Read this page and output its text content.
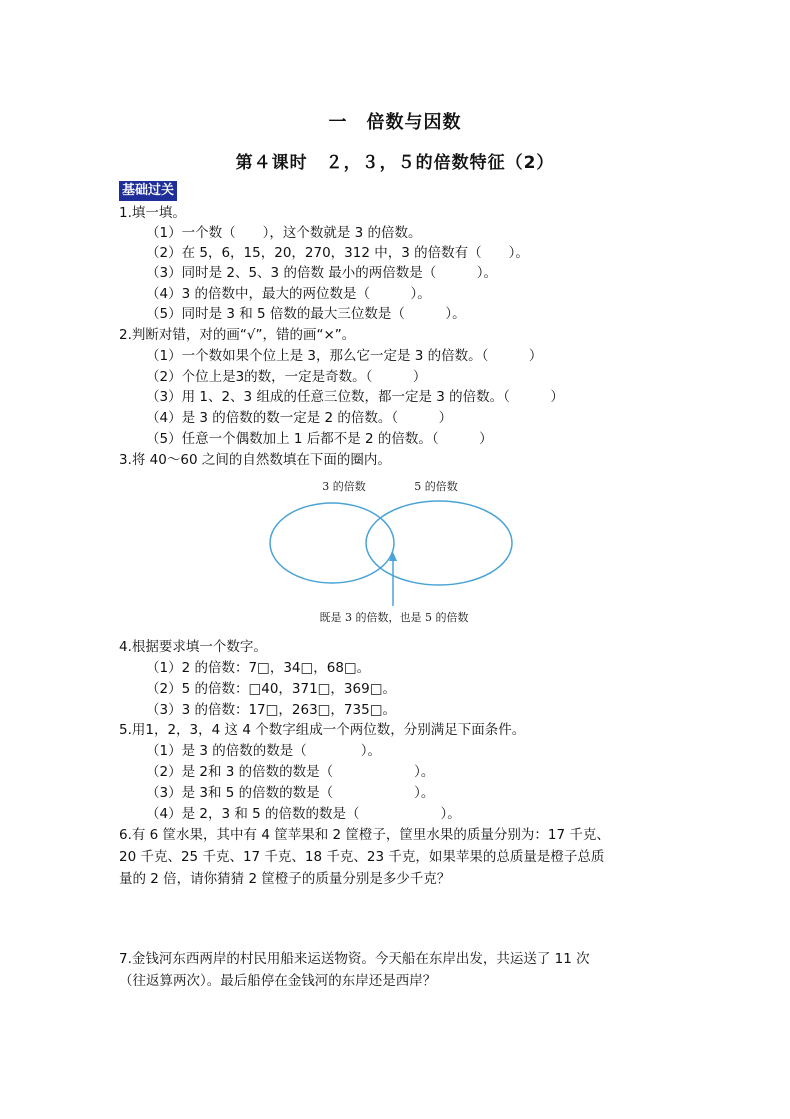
一　倍数与因数
第４课时　２，３，５的倍数特征（2）
基础过关
1.填一填。
（1）一个数（　　），这个数就是 3 的倍数。
（2）在 5，6，15，20，270，312 中，3 的倍数有（　　）。
（3）同时是 2、5、3 的倍数 最小的两倍数是（　　　）。
（4）3 的倍数中，最大的两位数是（　　　）。
（5）同时是 3 和 5 倍数的最大三位数是（　　　）。
2.判断对错，对的画“√”，错的画“×”。
（1）一个数如果个位上是 3，那么它一定是 3 的倍数。（　　　）
（2）个位上是3的数，一定是奇数。（　　　）
（3）用 1、2、3 组成的任意三位数，都一定是 3 的倍数。（　　　）
（4）是 3 的倍数的数一定是 2 的倍数。（　　　）
（5）任意一个偶数加上 1 后都不是 2 的倍数。（　　　）
3.将 40～60 之间的自然数填在下面的圈内。
3 的倍数	5 的倍数
既是 3 的倍数，也是 5 的倍数
4.根据要求填一个数字。
（1）2 的倍数：7□，34□，68□。
（2）5 的倍数：□40，371□，369□。
（3）3 的倍数：17□，263□，735□。
5.用1，2，3，4 这 4 个数字组成一个两位数，分别满足下面条件。
（1）是 3 的倍数的数是（　　　　）。
（2）是 2和 3 的倍数的数是（　　　　　　）。
（3）是 3和 5 的倍数的数是（　　　　　　）。
（4）是 2，3 和 5 的倍数的数是（　　　　　　）。
6.有 6 筐水果，其中有 4 筐苹果和 2 筐橙子，筐里水果的质量分别为：17 千克、
20 千克、25 千克、17 千克、18 千克、23 千克，如果苹果的总质量是橙子总质
量的 2 倍，请你猜猜 2 筐橙子的质量分别是多少千克？
7.金钱河东西两岸的村民用船来运送物资。今天船在东岸出发，共运送了 11 次
（往返算两次）。最后船停在金钱河的东岸还是西岸？
